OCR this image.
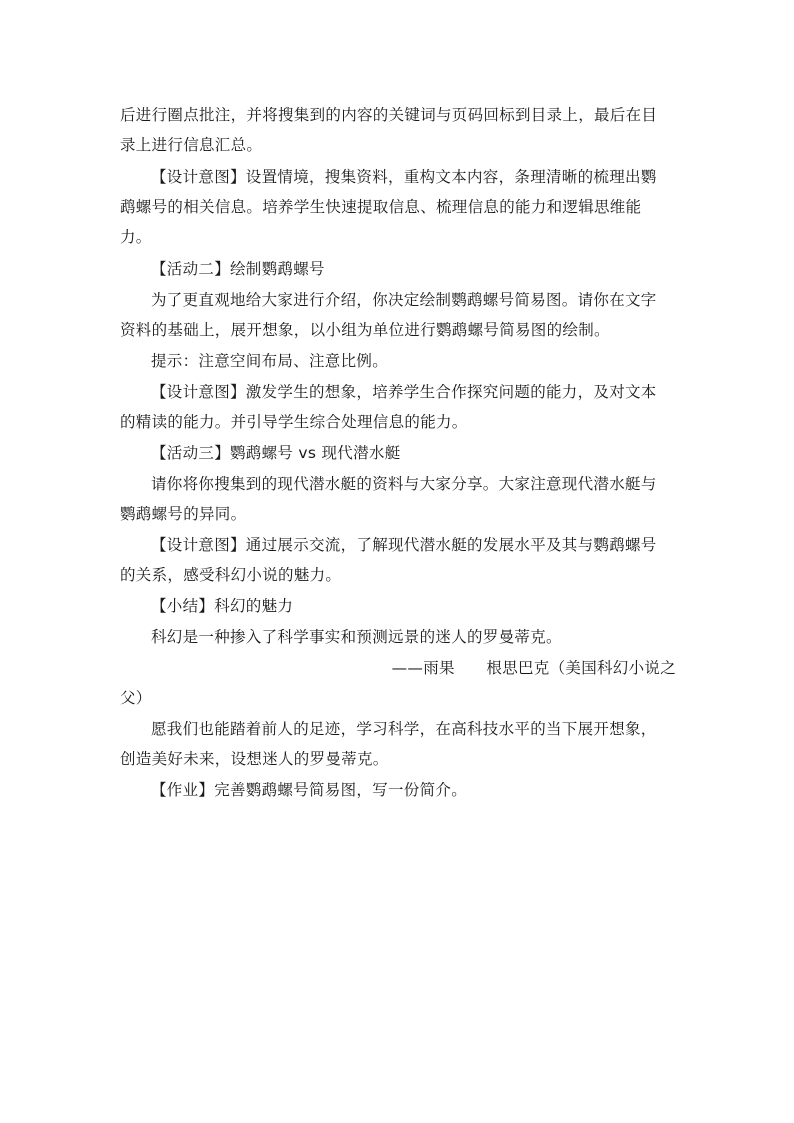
后进行圈点批注，并将搜集到的内容的关键词与页码回标到目录上，最后在目
录上进行信息汇总。
【设计意图】设置情境，搜集资料，重构文本内容，条理清晰的梳理出鹦
鹉螺号的相关信息。培养学生快速提取信息、梳理信息的能力和逻辑思维能
力。
【活动二】绘制鹦鹉螺号
为了更直观地给大家进行介绍，你决定绘制鹦鹉螺号简易图。请你在文字
资料的基础上，展开想象，以小组为单位进行鹦鹉螺号简易图的绘制。
提示：注意空间布局、注意比例。
【设计意图】激发学生的想象，培养学生合作探究问题的能力，及对文本
的精读的能力。并引导学生综合处理信息的能力。
【活动三】鹦鹉螺号 vs 现代潜水艇
请你将你搜集到的现代潜水艇的资料与大家分享。大家注意现代潜水艇与
鹦鹉螺号的异同。
【设计意图】通过展示交流，了解现代潜水艇的发展水平及其与鹦鹉螺号
的关系，感受科幻小说的魅力。
【小结】科幻的魅力
科幻是一种掺入了科学事实和预测远景的迷人的罗曼蒂克。
——雨果　　根思巴克（美国科幻小说之
父）
愿我们也能踏着前人的足迹，学习科学，在高科技水平的当下展开想象，
创造美好未来，设想迷人的罗曼蒂克。
【作业】完善鹦鹉螺号简易图，写一份简介。
